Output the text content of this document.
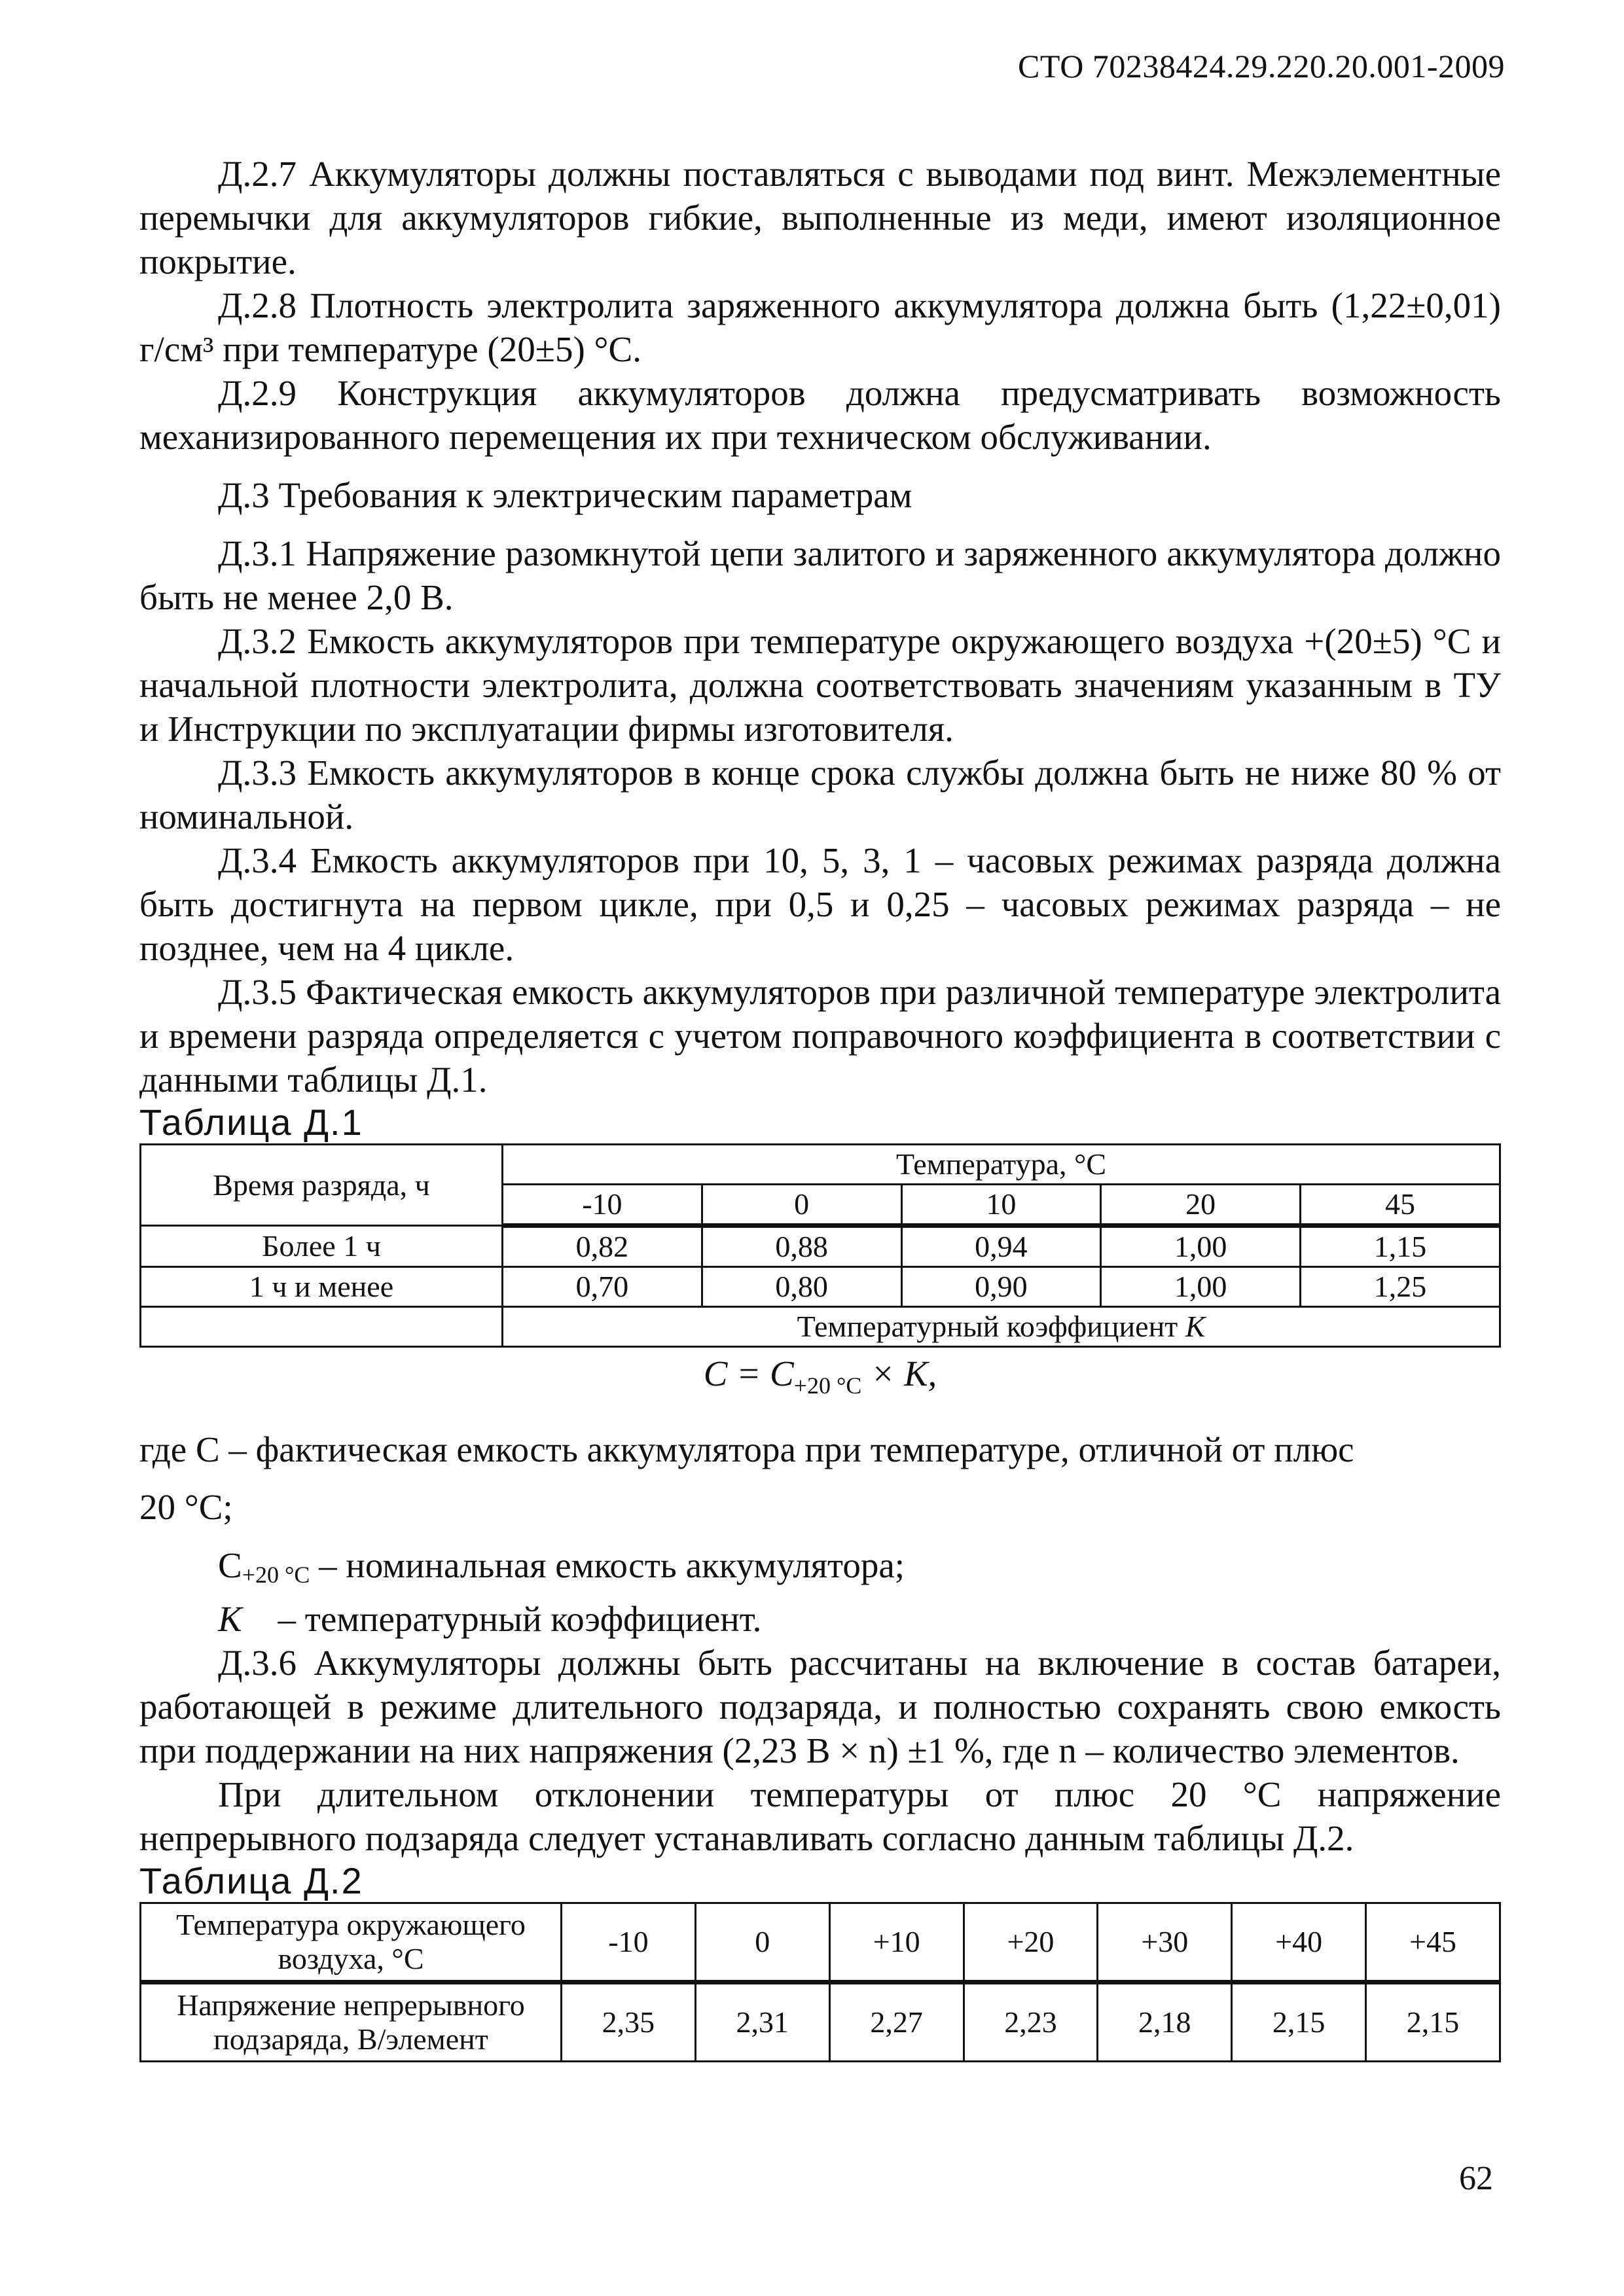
СТО 70238424.29.220.20.001-2009

Д.2.7 Аккумуляторы должны поставляться с выводами под винт. Межэлементные перемычки для аккумуляторов гибкие, выполненные из меди, имеют изоляционное покрытие.

Д.2.8 Плотность электролита заряженного аккумулятора должна быть (1,22±0,01) г/см³ при температуре (20±5) °С.

Д.2.9 Конструкция аккумуляторов должна предусматривать возможность механизированного перемещения их при техническом обслуживании.

Д.3 Требования к электрическим параметрам

Д.3.1 Напряжение разомкнутой цепи залитого и заряженного аккумулятора должно быть не менее 2,0 В.

Д.3.2 Емкость аккумуляторов при температуре окружающего воздуха +(20±5) °С и начальной плотности электролита, должна соответствовать значениям указанным в ТУ и Инструкции по эксплуатации фирмы изготовителя.

Д.3.3 Емкость аккумуляторов в конце срока службы должна быть не ниже 80 % от номинальной.

Д.3.4 Емкость аккумуляторов при 10, 5, 3, 1 – часовых режимах разряда должна быть достигнута на первом цикле, при 0,5 и 0,25 – часовых режимах разряда – не позднее, чем на 4 цикле.

Д.3.5 Фактическая емкость аккумуляторов при различной температуре электролита и времени разряда определяется с учетом поправочного коэффициента в соответствии с данными таблицы Д.1.

Таблица Д.1
Время разряда, ч	Температура, °С				
	-10	0	10	20	45
Более 1 ч	0,82	0,88	0,94	1,00	1,15
1 ч и менее	0,70	0,80	0,90	1,00	1,25
	Температурный коэффициент К				
$С = С_{+20 ^\circ С} \times К$,

где С – фактическая емкость аккумулятора при температуре, отличной от плюс

20 °С;

С+20 °С – номинальная емкость аккумулятора;

К    – температурный коэффициент.

Д.3.6 Аккумуляторы должны быть рассчитаны на включение в состав батареи, работающей в режиме длительного подзаряда, и полностью сохранять свою емкость при поддержании на них напряжения (2,23 В × n) ±1 %, где n – количество элементов.

При длительном отклонении температуры от плюс 20 °С напряжение непрерывного подзаряда следует устанавливать согласно данным таблицы Д.2.

Таблица Д.2
Температура окружающего воздуха, °С	-10	0	+10	+20	+30	+40	+45
Напряжение непрерывного подзаряда, В/элемент	2,35	2,31	2,27	2,23	2,18	2,15	2,15
62
